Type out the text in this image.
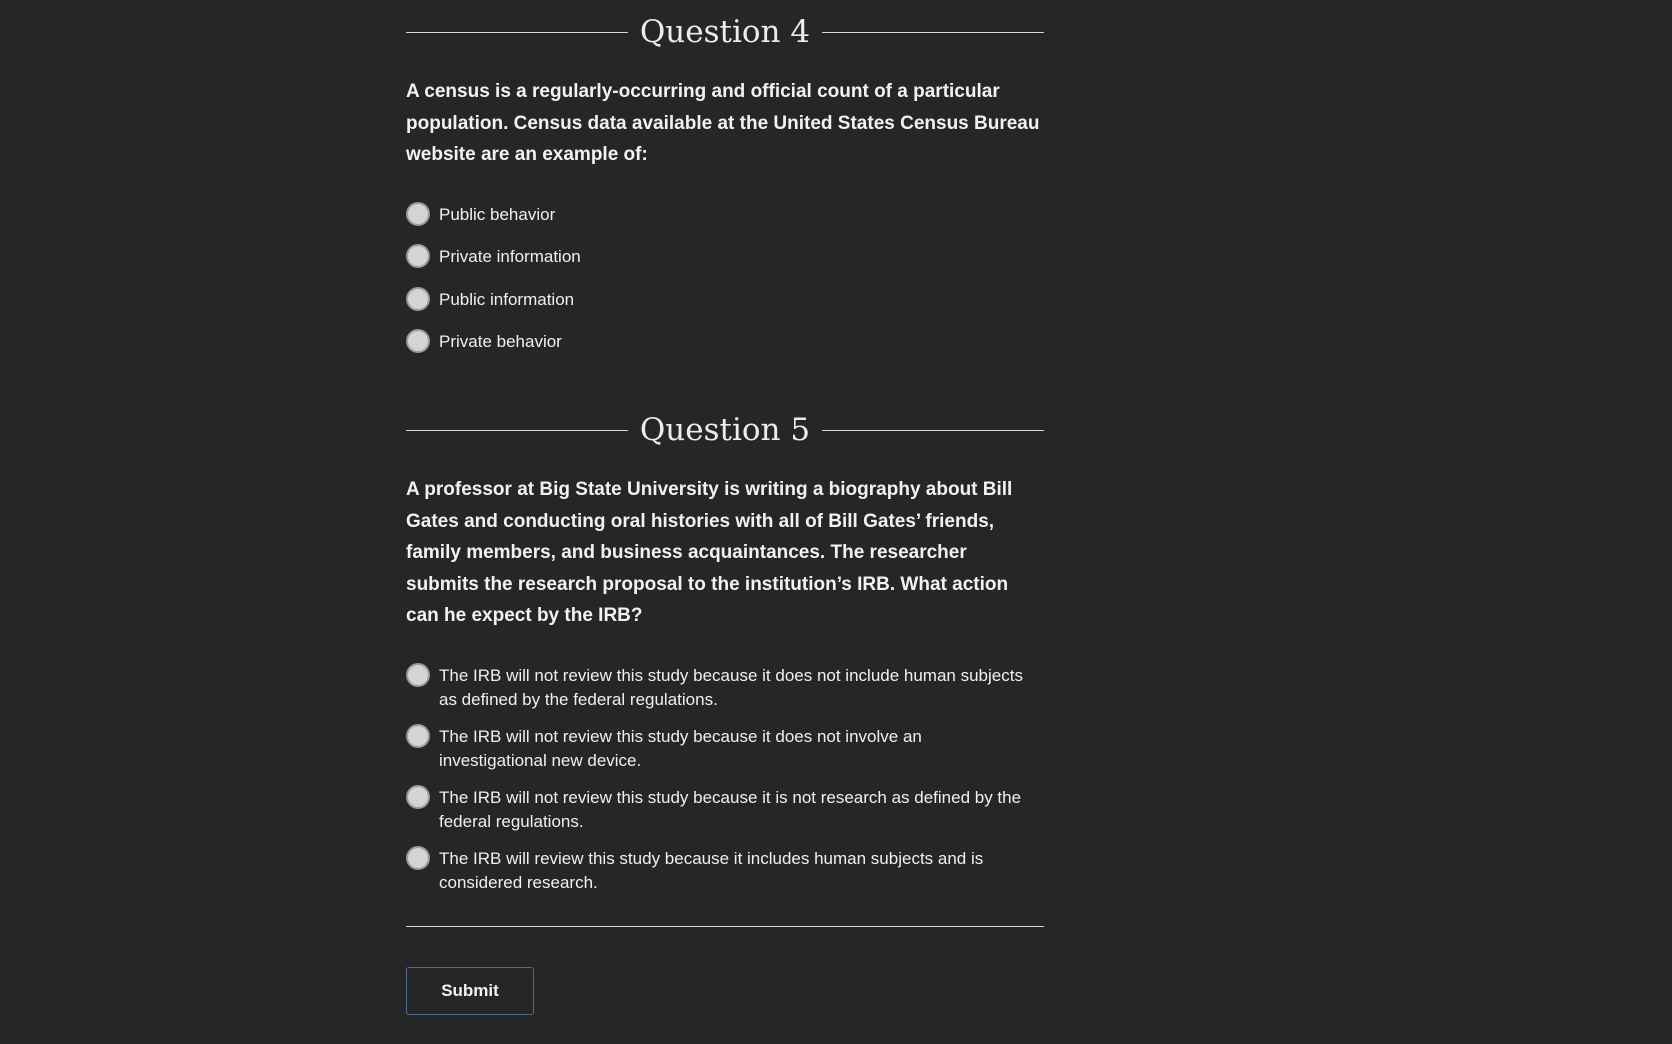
Question 4

A census is a regularly-occurring and official count of a particular population. Census data available at the United States Census Bureau website are an example of:

Public behavior
Private information
Public information
Private behavior
Question 5

A professor at Big State University is writing a biography about Bill Gates and conducting oral histories with all of Bill Gates’ friends, family members, and business acquaintances. The researcher submits the research proposal to the institution’s IRB. What action can he expect by the IRB?

The IRB will not review this study because it does not include human subjects as defined by the federal regulations.
The IRB will not review this study because it does not involve an investigational new device.
The IRB will not review this study because it is not research as defined by the federal regulations.
The IRB will review this study because it includes human subjects and is considered research.
Submit
